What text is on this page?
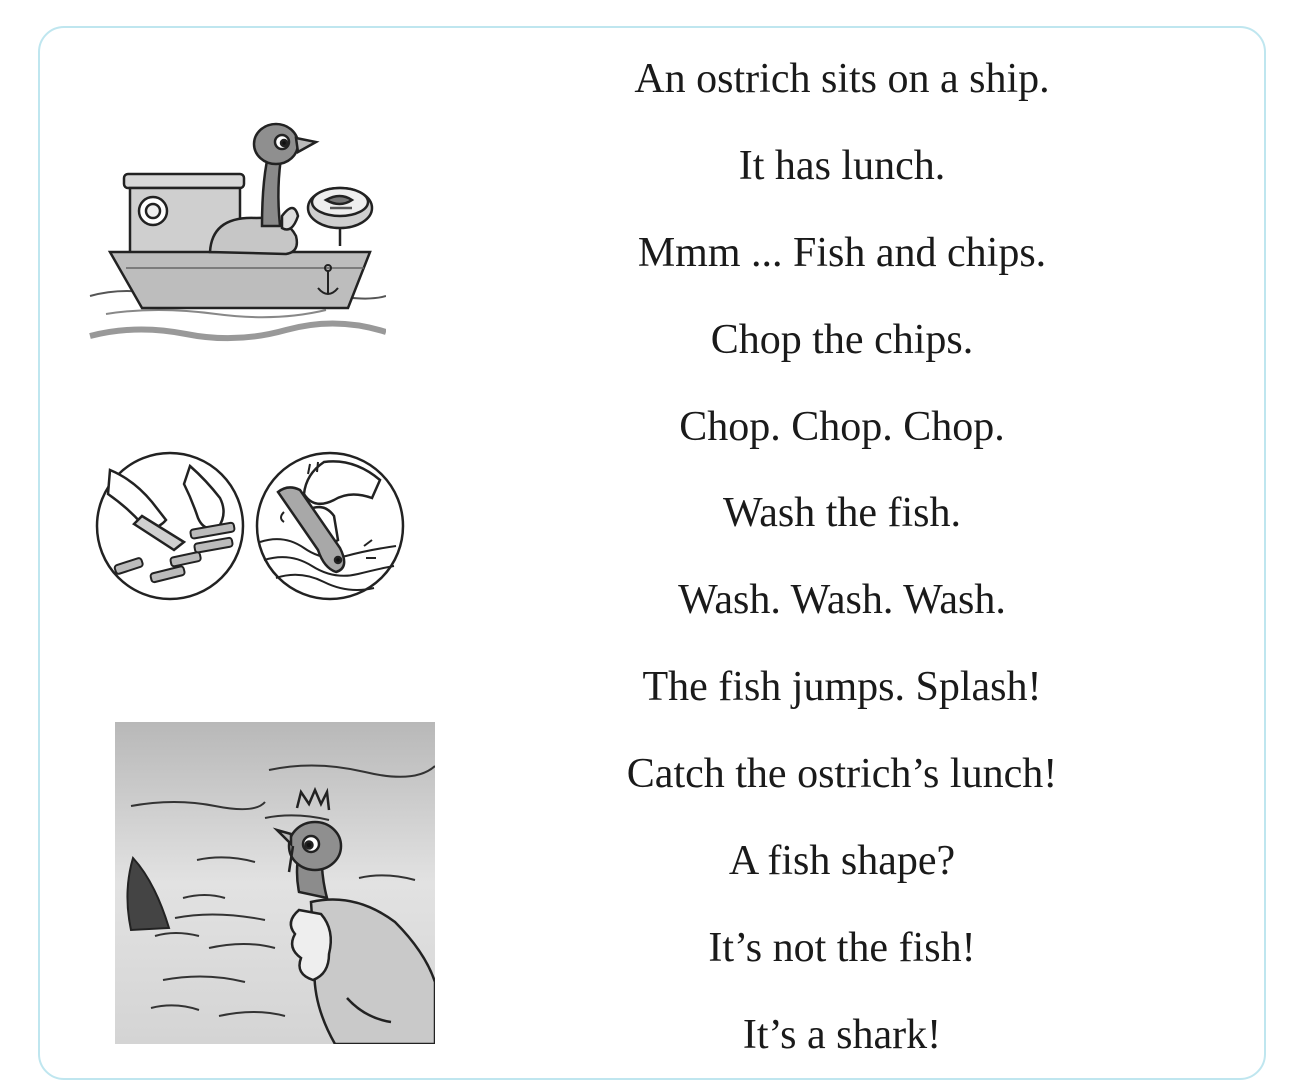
An ostrich sits on a ship.
It has lunch.
Mmm ... Fish and chips.
Chop the chips.
Chop. Chop. Chop.
Wash the fish.
Wash. Wash. Wash.
The fish jumps. Splash!
Catch the ostrich’s lunch!
A fish shape?
It’s not the fish!
It’s a shark!
